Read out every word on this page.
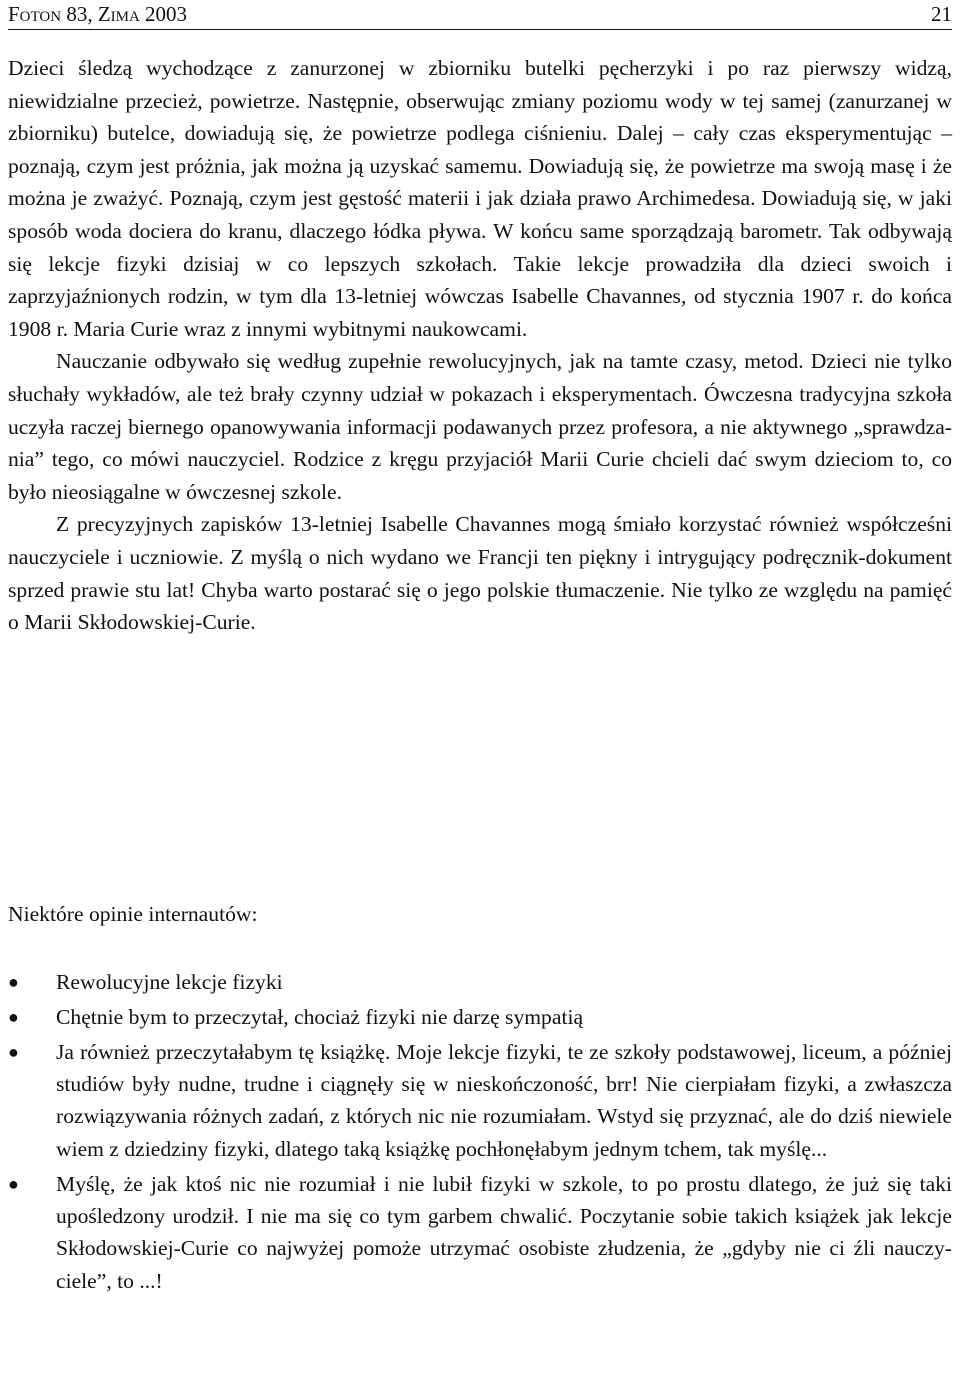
Foton 83, Zima 2003	21

Dzieci śledzą wychodzące z zanurzonej w zbiorniku butelki pęcherzyki i po raz pierwszy widzą, niewidzialne przecież, powietrze. Następnie, obserwując zmiany poziomu wody w tej samej (zanurzanej w zbiorniku) butelce, dowiadują się, że powietrze podlega ciśnieniu. Dalej – cały czas eksperymentując – poznają, czym jest próżnia, jak można ją uzyskać samemu. Dowiadują się, że powietrze ma swoją masę i że można je zważyć. Poznają, czym jest gęstość materii i jak działa prawo Archimedesa. Dowiadują się, w jaki sposób woda dociera do kranu, dlaczego łódka pływa. W końcu same sporządzają barometr. Tak odbywają się lekcje fizyki dzisiaj w co lepszych szkołach. Takie lekcje prowadziła dla dzieci swoich i zaprzyjaźnionych rodzin, w tym dla 13-letniej wówczas Isabelle Chavannes, od stycznia 1907 r. do końca 1908 r. Maria Curie wraz z innymi wybitnymi naukowcami.

Nauczanie odbywało się według zupełnie rewolucyjnych, jak na tamte czasy, metod. Dzieci nie tylko słuchały wykładów, ale też brały czynny udział w pokazach i eksperymentach. Ówczesna tradycyjna szkoła uczyła raczej biernego opanowywania informacji podawanych przez profesora, a nie aktywnego „sprawdzania” tego, co mówi nauczyciel. Rodzice z kręgu przyjaciół Marii Curie chcieli dać swym dzieciom to, co było nieosiągalne w ówczesnej szkole.

Z precyzyjnych zapisków 13-letniej Isabelle Chavannes mogą śmiało korzystać również współcześni nauczyciele i uczniowie. Z myślą o nich wydano we Francji ten piękny i intrygujący podręcznik-dokument sprzed prawie stu lat! Chyba warto postarać się o jego polskie tłumaczenie. Nie tylko ze względu na pamięć o Marii Skłodowskiej-Curie.

Niektóre opinie internautów:
●	Rewolucyjne lekcje fizyki
●	Chętnie bym to przeczytał, chociaż fizyki nie darzę sympatią
●	Ja również przeczytałabym tę książkę. Moje lekcje fizyki, te ze szkoły podstawowej, liceum, a później studiów były nudne, trudne i ciągnęły się w nieskończoność, brr! Nie cierpiałam fizyki, a zwłaszcza rozwiązywania różnych zadań, z których nic nie rozumiałam. Wstyd się przyznać, ale do dziś niewiele wiem z dziedziny fizyki, dlatego taką książkę pochłonęłabym jednym tchem, tak myślę...
●	Myślę, że jak ktoś nic nie rozumiał i nie lubił fizyki w szkole, to po prostu dlatego, że już się taki upośledzony urodził. I nie ma się co tym garbem chwalić. Poczytanie sobie takich książek jak lekcje Skłodowskiej-Curie co najwyżej pomoże utrzymać osobiste złudzenia, że „gdyby nie ci źli nauczyciele”, to ...!
